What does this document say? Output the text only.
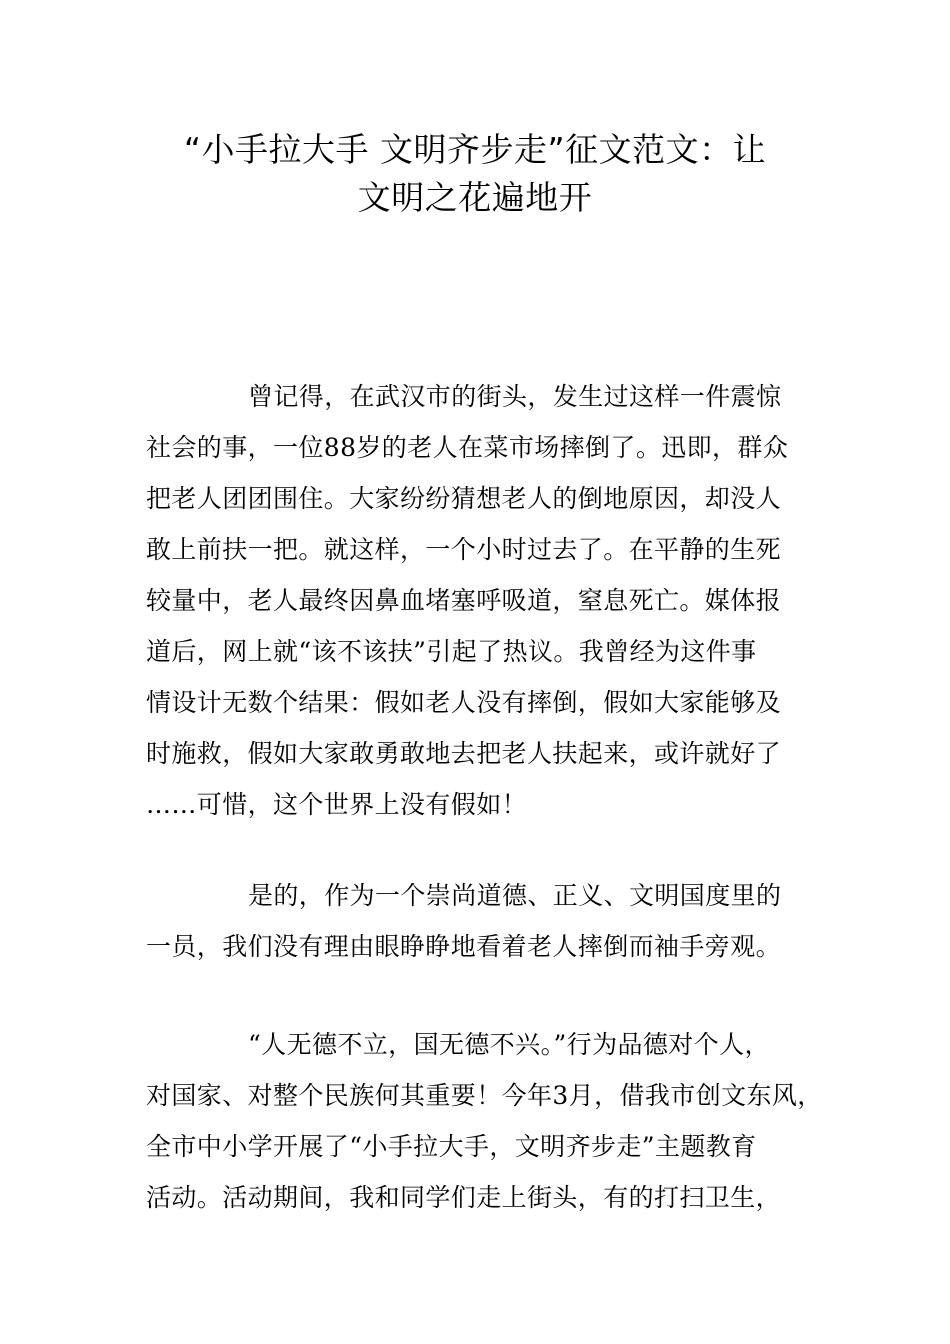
“小手拉大手 文明齐步走”征文范文：让
文明之花遍地开
曾记得，在武汉市的街头，发生过这样一件震惊
社会的事，一位88岁的老人在菜市场摔倒了。迅即，群众
把老人团团围住。大家纷纷猜想老人的倒地原因，却没人
敢上前扶一把。就这样，一个小时过去了。在平静的生死
较量中，老人最终因鼻血堵塞呼吸道，窒息死亡。媒体报
道后，网上就“该不该扶”引起了热议。我曾经为这件事
情设计无数个结果：假如老人没有摔倒，假如大家能够及
时施救，假如大家敢勇敢地去把老人扶起来，或许就好了
……可惜，这个世界上没有假如！
是的，作为一个崇尚道德、正义、文明国度里的
一员，我们没有理由眼睁睁地看着老人摔倒而袖手旁观。
“人无德不立，国无德不兴。”行为品德对个人，
对国家、对整个民族何其重要！今年3月，借我市创文东风，
全市中小学开展了“小手拉大手，文明齐步走”主题教育
活动。活动期间，我和同学们走上街头，有的打扫卫生，
